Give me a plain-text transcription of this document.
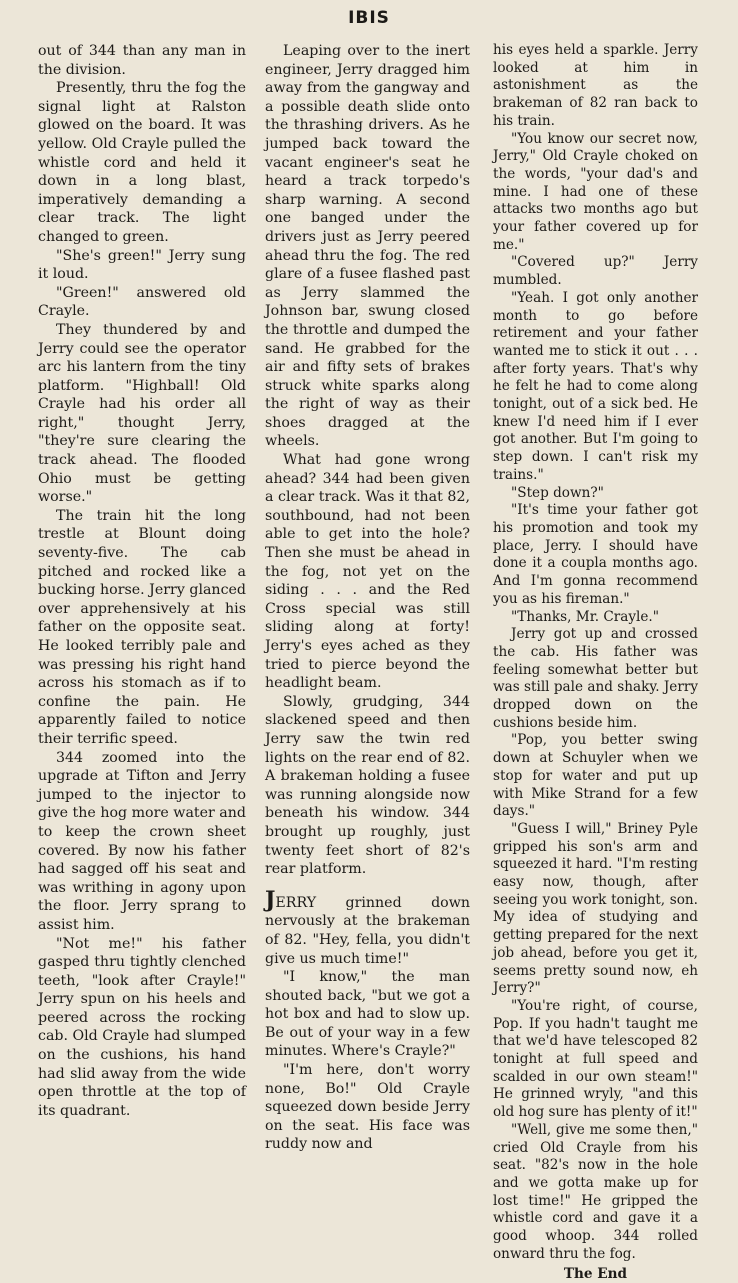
IBIS

out of 344 than any man in the division.

Presently, thru the fog the signal light at Ralston glowed on the board. It was yellow. Old Crayle pulled the whistle cord and held it down in a long blast, imperatively demanding a clear track. The light changed to green.

"She's green!" Jerry sung it loud.

"Green!" answered old Crayle.

They thundered by and Jerry could see the operator arc his lantern from the tiny platform. "Highball! Old Crayle had his order all right," thought Jerry, "they're sure clearing the track ahead. The flooded Ohio must be getting worse."

The train hit the long trestle at Blount doing seventy-five. The cab pitched and rocked like a bucking horse. Jerry glanced over apprehensively at his father on the opposite seat. He looked terribly pale and was pressing his right hand across his stomach as if to confine the pain. He apparently failed to notice their terrific speed.

344 zoomed into the upgrade at Tifton and Jerry jumped to the injector to give the hog more water and to keep the crown sheet covered. By now his father had sagged off his seat and was writhing in agony upon the floor. Jerry sprang to assist him.

"Not me!" his father gasped thru tightly clenched teeth, "look after Crayle!" Jerry spun on his heels and peered across the rocking cab. Old Crayle had slumped on the cushions, his hand had slid away from the wide open throttle at the top of its quadrant.

Leaping over to the inert engineer, Jerry dragged him away from the gangway and a possible death slide onto the thrashing drivers. As he jumped back toward the vacant engineer's seat he heard a track torpedo's sharp warning. A second one banged under the drivers just as Jerry peered ahead thru the fog. The red glare of a fusee flashed past as Jerry slammed the Johnson bar, swung closed the throttle and dumped the sand. He grabbed for the air and fifty sets of brakes struck white sparks along the right of way as their shoes dragged at the wheels.

What had gone wrong ahead? 344 had been given a clear track. Was it that 82, southbound, had not been able to get into the hole? Then she must be ahead in the fog, not yet on the siding . . . and the Red Cross special was still sliding along at forty! Jerry's eyes ached as they tried to pierce beyond the headlight beam.

Slowly, grudging, 344 slackened speed and then Jerry saw the twin red lights on the rear end of 82. A brakeman holding a fusee was running alongside now beneath his window. 344 brought up roughly, just twenty feet short of 82's rear platform.

JERRY grinned down nervously at the brakeman of 82. "Hey, fella, you didn't give us much time!"

"I know," the man shouted back, "but we got a hot box and had to slow up. Be out of your way in a few minutes. Where's Crayle?"

"I'm here, don't worry none, Bo!" Old Crayle squeezed down beside Jerry on the seat. His face was ruddy now and

his eyes held a sparkle. Jerry looked at him in astonishment as the brakeman of 82 ran back to his train.

"You know our secret now, Jerry," Old Crayle choked on the words, "your dad's and mine. I had one of these attacks two months ago but your father covered up for me."

"Covered up?" Jerry mumbled.

"Yeah. I got only another month to go before retirement and your father wanted me to stick it out . . . after forty years. That's why he felt he had to come along tonight, out of a sick bed. He knew I'd need him if I ever got another. But I'm going to step down. I can't risk my trains."

"Step down?"

"It's time your father got his promotion and took my place, Jerry. I should have done it a coupla months ago. And I'm gonna recommend you as his fireman."

"Thanks, Mr. Crayle."

Jerry got up and crossed the cab. His father was feeling somewhat better but was still pale and shaky. Jerry dropped down on the cushions beside him.

"Pop, you better swing down at Schuyler when we stop for water and put up with Mike Strand for a few days."

"Guess I will," Briney Pyle gripped his son's arm and squeezed it hard. "I'm resting easy now, though, after seeing you work tonight, son. My idea of studying and getting prepared for the next job ahead, before you get it, seems pretty sound now, eh Jerry?"

"You're right, of course, Pop. If you hadn't taught me that we'd have telescoped 82 tonight at full speed and scalded in our own steam!" He grinned wryly, "and this old hog sure has plenty of it!"

"Well, give me some then," cried Old Crayle from his seat. "82's now in the hole and we gotta make up for lost time!" He gripped the whistle cord and gave it a good whoop. 344 rolled onward thru the fog.

The End
